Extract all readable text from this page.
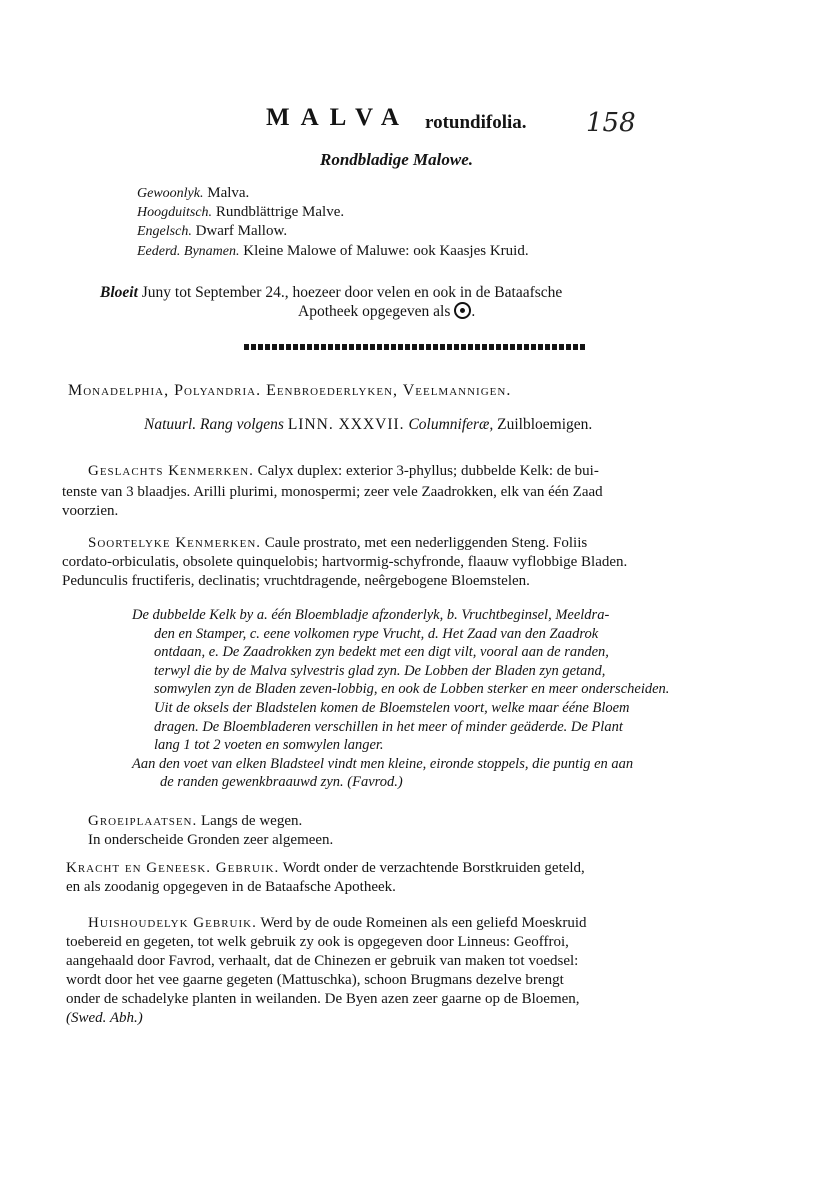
MALVA rotundifolia. 158
Rondbladige Malowe.
Gewoonlyk. Malva.
Hoogduitsch. Rundblättrige Malve.
Engelsch. Dwarf Mallow.
Eederd. Bynamen. Kleine Malowe of Maluwe: ook Kaasjes Kruid.
Bloeit Juny tot September 24., hoezeer door velen en ook in de Bataafsche
Apotheek opgegeven als .
Monadelphia, Polyandria. Eenbroederlyken, Veelmannigen.
Natuurl. Rang volgens LINN. XXXVII. Columniferæ, Zuilbloemigen.

Geslachts Kenmerken. Calyx duplex: exterior 3-phyllus; dubbelde Kelk: de bui-

tenste van 3 blaadjes. Arilli plurimi, monospermi; zeer vele Zaadrokken, elk van één Zaad

voorzien.

Soortelyke Kenmerken. Caule prostrato, met een nederliggenden Steng. Foliis

cordato-orbiculatis, obsolete quinquelobis; hartvormig-schyfronde, flaauw vyflobbige Bladen.

Pedunculis fructiferis, declinatis; vruchtdragende, neêrgebogene Bloemstelen.

De dubbelde Kelk by a. één Bloembladje afzonderlyk, b. Vruchtbeginsel, Meeldra-

den en Stamper, c. eene volkomen rype Vrucht, d. Het Zaad van den Zaadrok

ontdaan, e. De Zaadrokken zyn bedekt met een digt vilt, vooral aan de randen,

terwyl die by de Malva sylvestris glad zyn. De Lobben der Bladen zyn getand,

somwylen zyn de Bladen zeven-lobbig, en ook de Lobben sterker en meer onderscheiden.

Uit de oksels der Bladstelen komen de Bloemstelen voort, welke maar ééne Bloem

dragen. De Bloembladeren verschillen in het meer of minder geäderde. De Plant

lang 1 tot 2 voeten en somwylen langer.

Aan den voet van elken Bladsteel vindt men kleine, eironde stoppels, die puntig en aan

de randen gewenkbraauwd zyn. (Favrod.)

Groeiplaatsen. Langs de wegen.

In onderscheide Gronden zeer algemeen.

Kracht en Geneesk. Gebruik. Wordt onder de verzachtende Borstkruiden geteld,

en als zoodanig opgegeven in de Bataafsche Apotheek.

Huishoudelyk Gebruik. Werd by de oude Romeinen als een geliefd Moeskruid

toebereid en gegeten, tot welk gebruik zy ook is opgegeven door Linneus: Geoffroi,

aangehaald door Favrod, verhaalt, dat de Chinezen er gebruik van maken tot voedsel:

wordt door het vee gaarne gegeten (Mattuschka), schoon Brugmans dezelve brengt

onder de schadelyke planten in weilanden. De Byen azen zeer gaarne op de Bloemen,

(Swed. Abh.)
